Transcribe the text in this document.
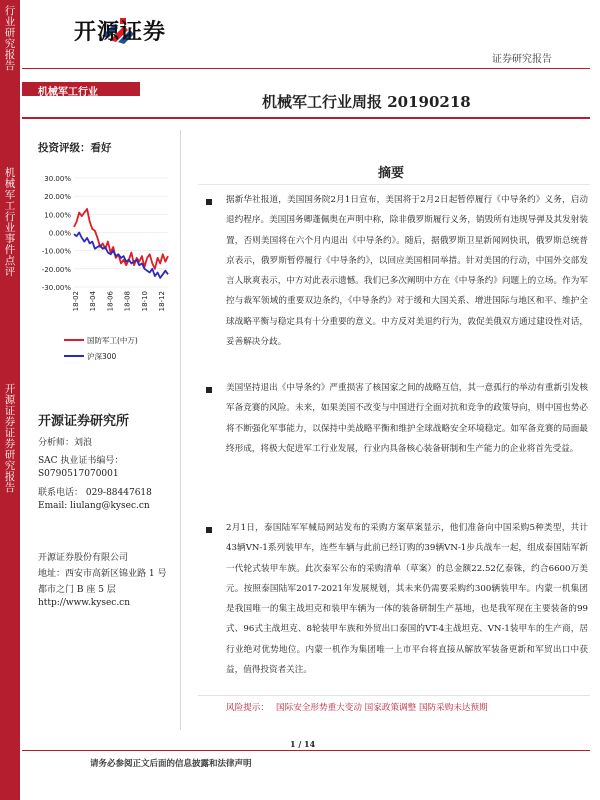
行业研究报告
机械军工行业事件点评
开源证券证券研究报告
开源证券
证券研究报告
机械军工行业
机械军工行业周报 20190218
投资评级：看好
30.00%
20.00%
10.00%
0.00%
-10.00%
-20.00%
-30.00%
18-02 18-04 18-06 18-08 18-10 18-12
国防军工(中万)
沪深300
开源证券研究所
分析师：刘浪
SAC 执业证书编号：
S0790517070001
联系电话： 029-88447618
Email: liulang@kysec.cn
开源证券股份有限公司
地址：西安市高新区锦业路 1 号
都市之门 B 座 5 层
http://www.kysec.cn
摘要

据新华社报道，美国国务院2月1日宣布，美国将于2月2日起暂停履行《中导条约》义务，启动退约程序。美国国务卿蓬佩奥在声明中称，除非俄罗斯履行义务，销毁所有违规导弹及其发射装置，否则美国将在六个月内退出《中导条约》。随后，据俄罗斯卫星新闻网快讯，俄罗斯总统普京表示，俄罗斯暂停履行《中导条约》，以回应美国相同举措。针对美国的行动，中国外交部发言人耿爽表示，中方对此表示遗憾。我们已多次阐明中方在《中导条约》问题上的立场。作为军控与裁军领域的重要双边条约，《中导条约》对于缓和大国关系、增进国际与地区和平、维护全球战略平衡与稳定具有十分重要的意义。中方反对美退约行为，敦促美俄双方通过建设性对话，妥善解决分歧。

美国坚持退出《中导条约》严重损害了核国家之间的战略互信，其一意孤行的举动有重新引发核军备竞赛的风险。未来，如果美国不改变与中国进行全面对抗和竞争的政策导向，则中国也势必将不断强化军事能力，以保持中美战略平衡和维护全球战略安全环境稳定。如军备竞赛的局面最终形成，将极大促进军工行业发展，行业内具备核心装备研制和生产能力的企业将首先受益。

2月1日，泰国陆军军械局网站发布的采购方案草案显示，他们准备向中国采购5种类型，共计43辆VN-1系列装甲车，连些车辆与此前已经订购的39辆VN-1步兵战车一起，组成泰国陆军新一代轮式装甲车族。此次泰军公布的采购清单（草案）的总金额22.52亿泰铢，约合6600万美元。按照泰国陆军2017-2021年发展规划，其未来仍需要采购约300辆装甲车。内蒙一机集团是我国唯一的集主战坦克和装甲车辆为一体的装备研制生产基地，也是我军现在主要装备的99式、96式主战坦克、8轮装甲车族和外贸出口泰国的VT-4主战坦克、VN-1装甲车的生产商，居行业绝对优势地位。内蒙一机作为集团唯一上市平台将直接从解放军装备更新和军贸出口中获益，值得投资者关注。

风险提示： 国际安全形势重大变动 国家政策调整 国防采购未达预期
1 / 14
请务必参阅正文后面的信息披露和法律声明
